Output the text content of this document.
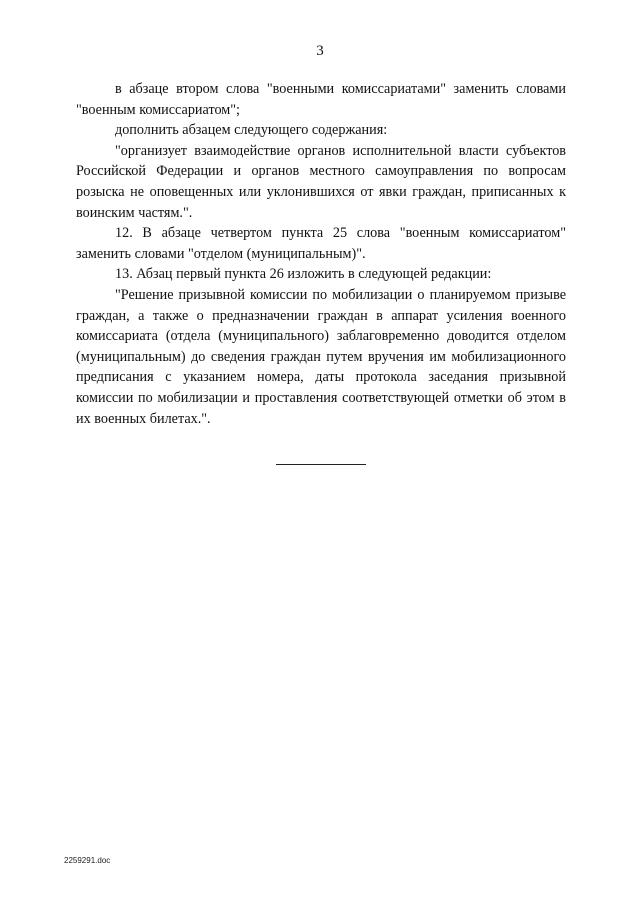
3

в абзаце втором слова "военными комиссариатами" заменить словами "военным комиссариатом";

дополнить абзацем следующего содержания:

"организует взаимодействие органов исполнительной власти субъектов Российской Федерации и органов местного самоуправления по вопросам розыска не оповещенных или уклонившихся от явки граждан, приписанных к воинским частям.".

12. В абзаце четвертом пункта 25 слова "военным комиссариатом" заменить словами "отделом (муниципальным)".

13. Абзац первый пункта 26 изложить в следующей редакции:

"Решение призывной комиссии по мобилизации о планируемом призыве граждан, а также о предназначении граждан в аппарат усиления военного комиссариата (отдела (муниципального) заблаговременно доводится отделом (муниципальным) до сведения граждан путем вручения им мобилизационного предписания с указанием номера, даты протокола заседания призывной комиссии по мобилизации и проставления соответствующей отметки об этом в их военных билетах.".

2259291.doc
